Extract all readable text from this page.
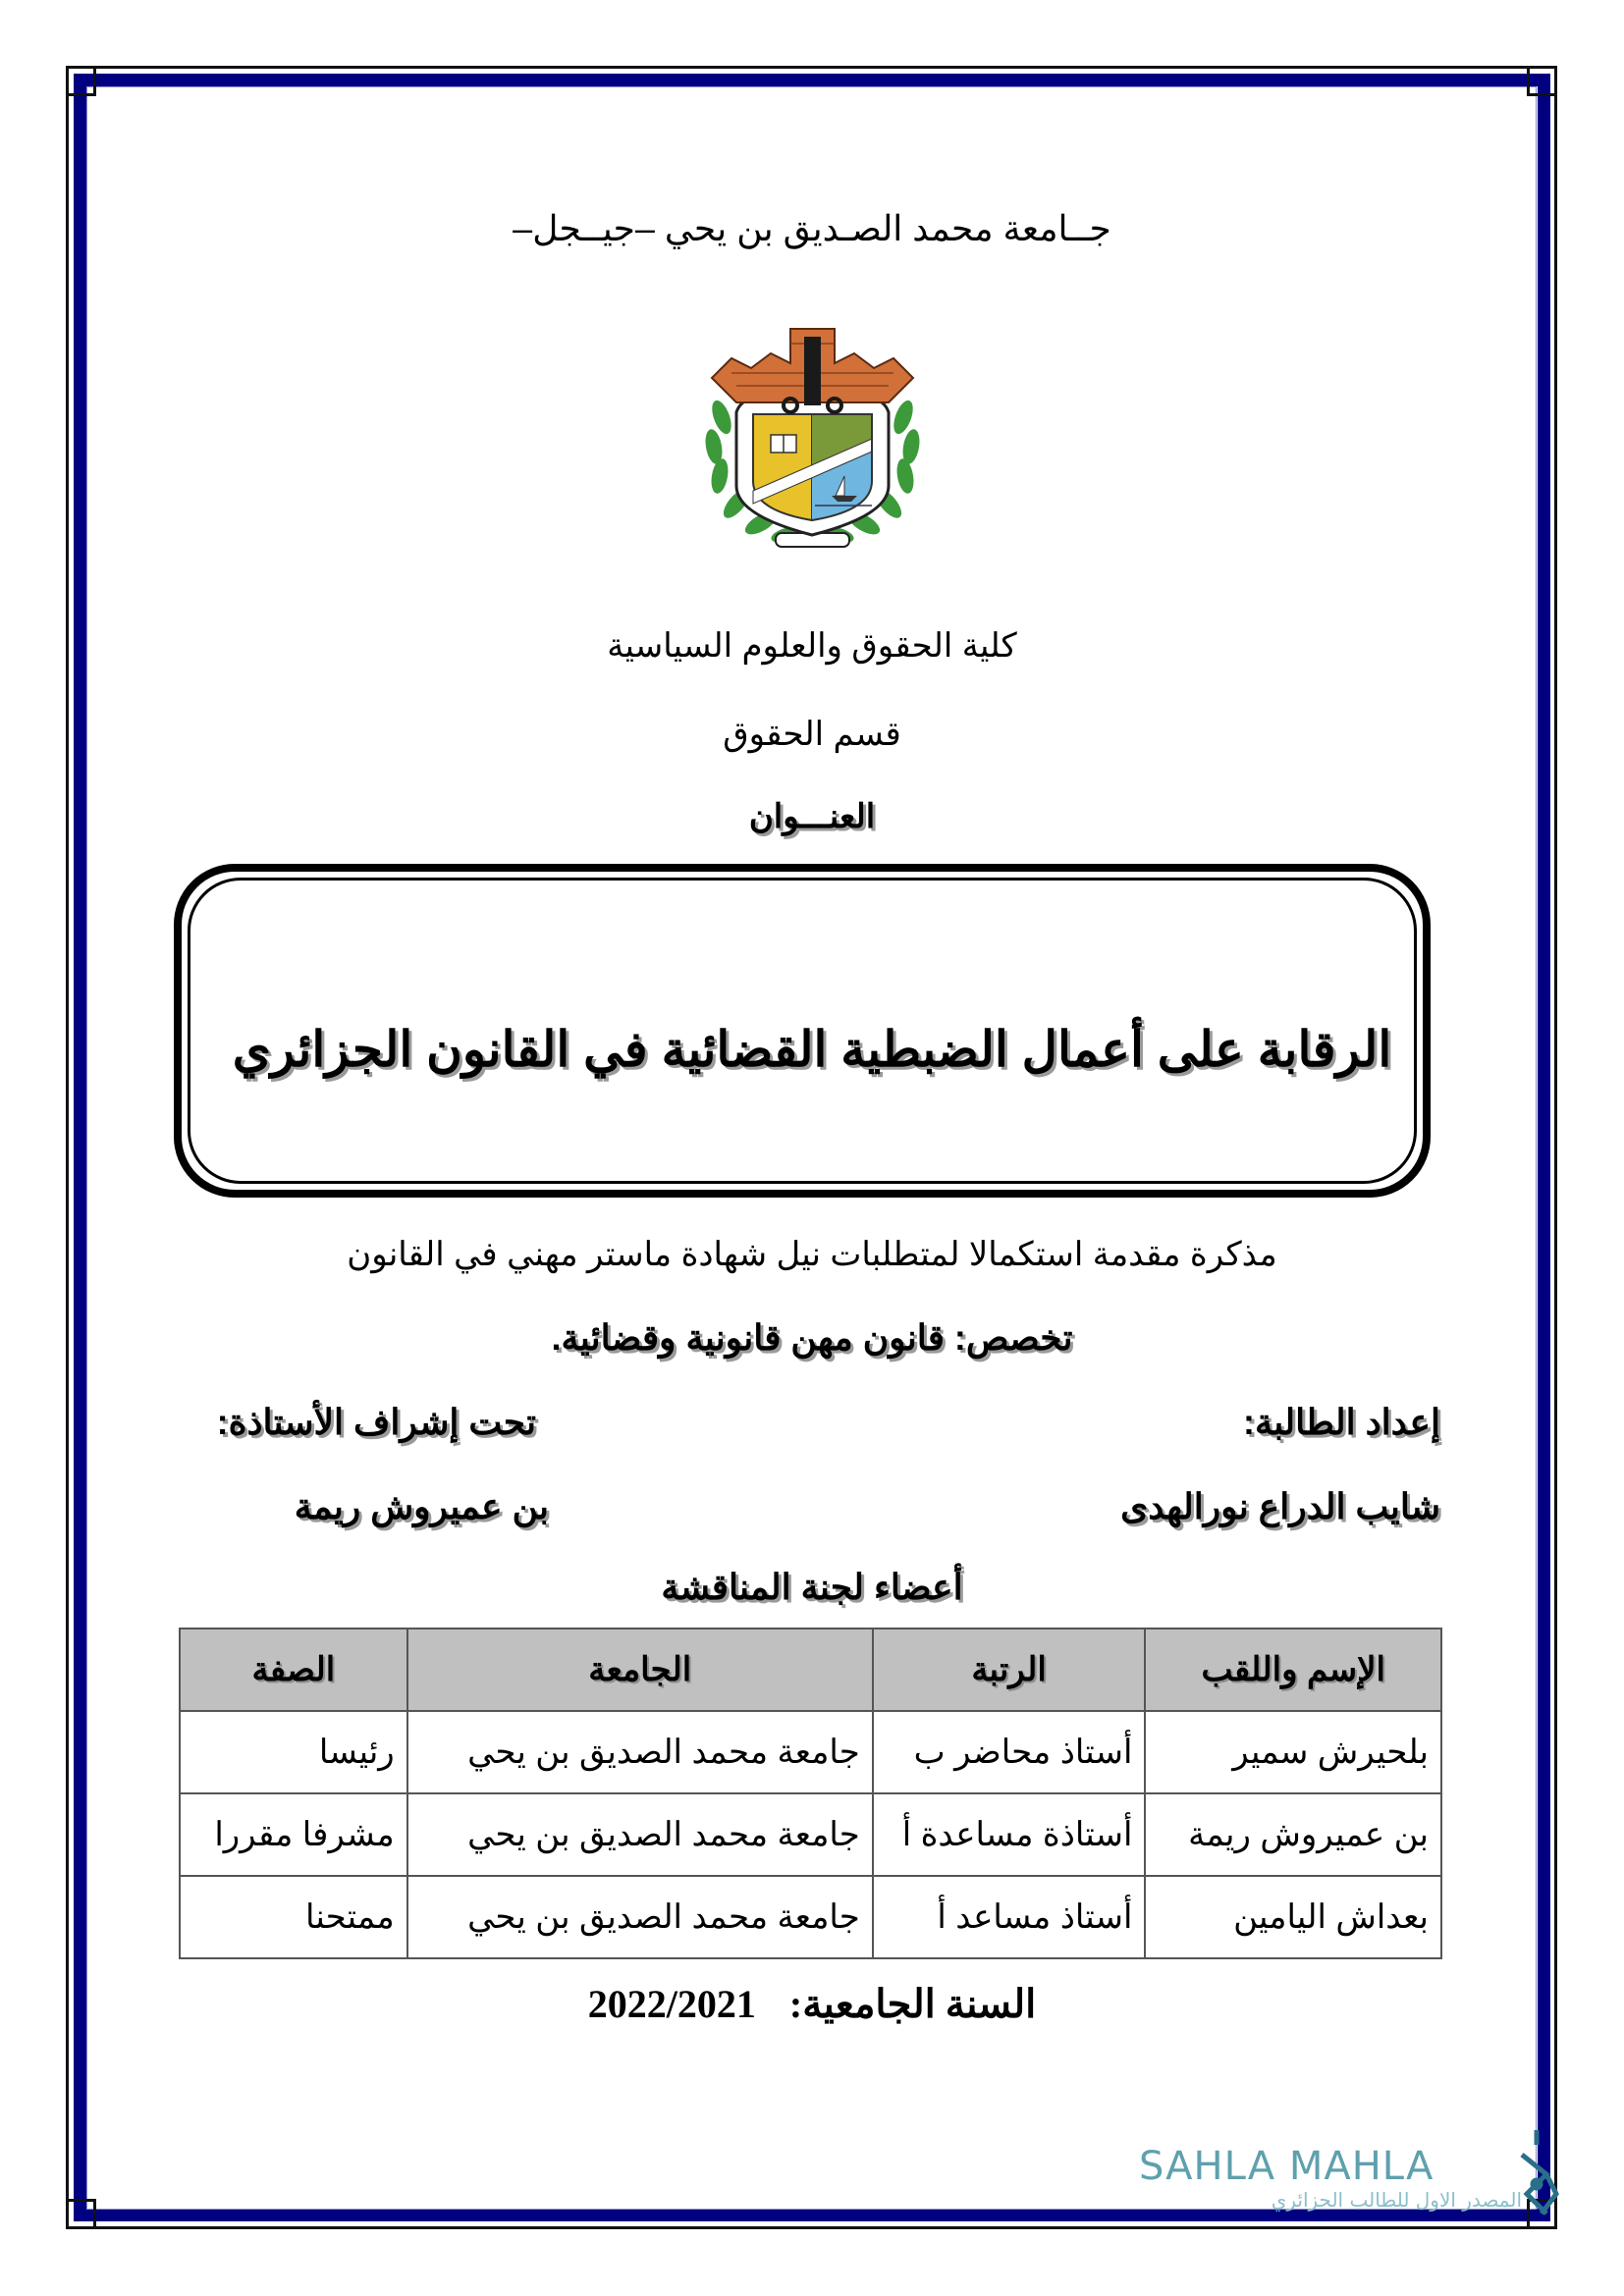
جــامعة محمد الصـديق بن يحي –جيــجل–
كلية الحقوق والعلوم السياسية
قسم الحقوق
العنـــوان
الرقابة على أعمال الضبطية القضائية في القانون الجزائري
مذكرة مقدمة استكمالا لمتطلبات نيل شهادة ماستر مهني في القانون
تخصص: قانون مهن قانونية وقضائية.
إعداد الطالبة:
تحت إشراف الأستاذة:
شايب الدراع نورالهدى
بن عميروش ريمة
أعضاء لجنة المناقشة
الإسم واللقب	الرتبة	الجامعة	الصفة
بلحيرش سمير	أستاذ محاضر ب	جامعة محمد الصديق بن يحي	رئيسا
بن عميروش ريمة	أستاذة مساعدة أ	جامعة محمد الصديق بن يحي	مشرفا مقررا
بعداش اليامين	أستاذ مساعد أ	جامعة محمد الصديق بن يحي	ممتحنا
السنة الجامعية:  2022/2021
SAHLA MAHLA
المصدر الاول للطالب الجزائري
